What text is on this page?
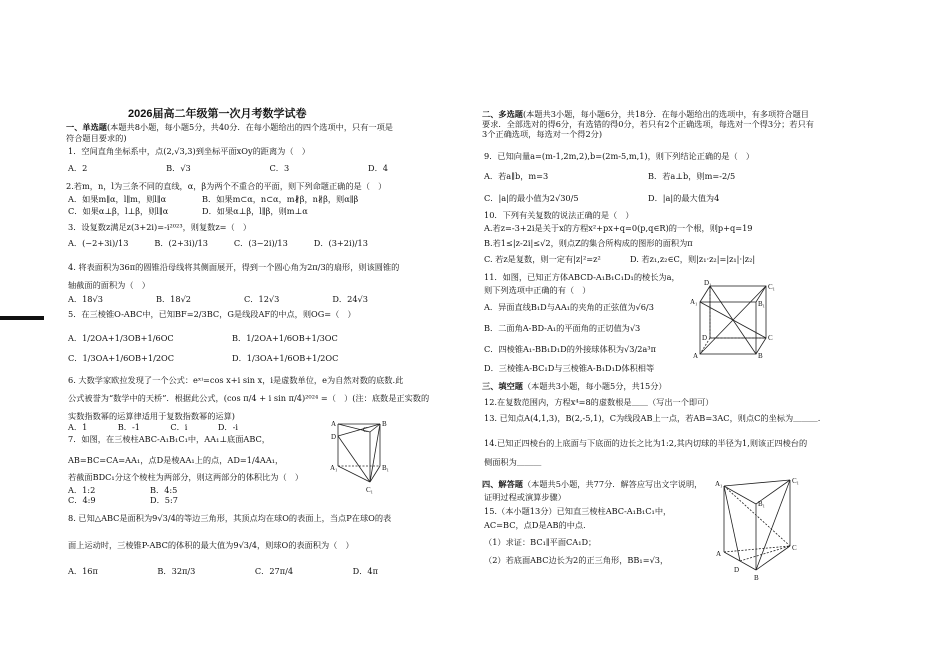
2026届高二年级第一次月考数学试卷
一、单选题(本题共8小题，每小题5分，共40分．在每小题给出的四个选项中，只有一项是
符合题目要求的)
1．空间直角坐标系中，点(2,√3,3)到坐标平面xOy的距离为（　）
A．2	B．√3	C．3	D．4
2.若m，n，l为三条不同的直线，α，β为两个不重合的平面，则下列命题正确的是（　）
A．如果m∥α，l∥m，则l∥α	B．如果m⊂α，n⊂α，m∦β，n∦β，则α∥β
C．如果α⊥β，l⊥β，则l∥α	D．如果α⊥β，l∥β，则m⊥α
3．设复数z满足z(3+2i)=-i²⁰²³，则复数z=（　）
A．(−2+3i)/13	B．(2+3i)/13	C．(3−2i)/13	D．(3+2i)/13
4. 将表面积为36π的圆锥沿母线将其侧面展开，得到一个圆心角为2π/3的扇形，则该圆锥的
轴截面的面积为（　）
A．18√3	B．18√2	C．12√3	D．24√3
5．在三棱锥O-ABC中，已知BF=2/3BC，G是线段AF的中点，则OG=（　）
A．1/2OA+1/3OB+1/6OC	B．1/2OA+1/6OB+1/3OC
C．1/3OA+1/6OB+1/2OC	D．1/3OA+1/6OB+1/2OC
6. 大数学家欧拉发现了一个公式：eˣⁱ=cos x+i sin x，i是虚数单位，e为自然对数的底数.此
公式被誉为“数学中的天桥”．根据此公式，(cos π/4 + i sin π/4)²⁰²⁴ =（　）(注：底数是正实数的
实数指数幂的运算律适用于复数指数幂的运算)
A．1	B．-1	C．i	D．-i
7．如图，在三棱柱ABC-A₁B₁C₁中，AA₁⊥底面ABC，
AB=BC=CA=AA₁，点D是棱AA₁上的点，AD=1/4AA₁，
若截面BDC₁分这个棱柱为两部分，则这两部分的体积比为（　）
A．1:2	B．4:5
C．4:9	D．5:7
A	B
C
D
A₁	B₁
C₁
8. 已知△ABC是面积为9√3/4的等边三角形，其顶点均在球O的表面上，当点P在球O的表
面上运动时，三棱锥P-ABC的体积的最大值为9√3/4，则球O的表面积为（　）
A．16π	B．32π/3	C．27π/4	D．4π
二、多选题(本题共3小题，每小题6分，共18分．在每小题给出的选项中，有多项符合题目
要求．全部选对的得6分，有选错的得0分，若只有2个正确选项，每选对一个得3分；若只有
3个正确选项，每选对一个得2分)
9．已知向量a=(m-1,2m,2),b=(2m-5,m,1)，则下列结论正确的是（　）
A．若a∥b，m=3	B．若a⊥b，则m=-2/5
C．|a|的最小值为2√30/5	D．|a|的最大值为4
10．下列有关复数的说法正确的是（　）
A.若z=-3+2i是关于x的方程x²+px+q=0(p,q∈R)的一个根，则p+q=19
B.若1≤|z-2i|≤√2，则点Z的集合所构成的图形的面积为π
C. 若z是复数，则一定有|z|²=z²	D. 若z₁,z₂∈C，则|z₁·z₂|=|z₁|·|z₂|
11．如图，已知正方体ABCD-A₁B₁C₁D₁的棱长为a，
则下列选项中正确的有（　）
A．异面直线B₁D与AA₁的夹角的正弦值为√6/3
B．二面角A-BD-A₁的平面角的正切值为√3
C．四棱锥A₁-BB₁D₁D的外接球体积为√3/2a³π
D．三棱锥A-BC₁D与三棱锥A-B₁D₁D体积相等
D₁	C₁
A₁	B₁
D	C
A	B
三、填空题（本题共3小题，每小题5分，共15分）
12.在复数范围内，方程x⁴=8的虚数根是＿＿（写出一个即可）
13. 已知点A(4,1,3)，B(2,-5,1)，C为线段AB上一点，若AB=3AC，则点C的坐标为＿＿＿.
14.已知正四棱台的上底面与下底面的边长之比为1:2,其内切球的半径为1,则该正四棱台的
侧面积为＿＿＿
四、解答题（本题共5小题，共77分．解答应写出文字说明，
证明过程或演算步骤）
15.（本小题13分）已知直三棱柱ABC-A₁B₁C₁中，
AC=BC，点D是AB的中点．
（1）求证：BC₁∥平面CA₁D；
（2）若底面ABC边长为2的正三角形，BB₁=√3，
A₁	C₁
B₁
A
C
D
B
